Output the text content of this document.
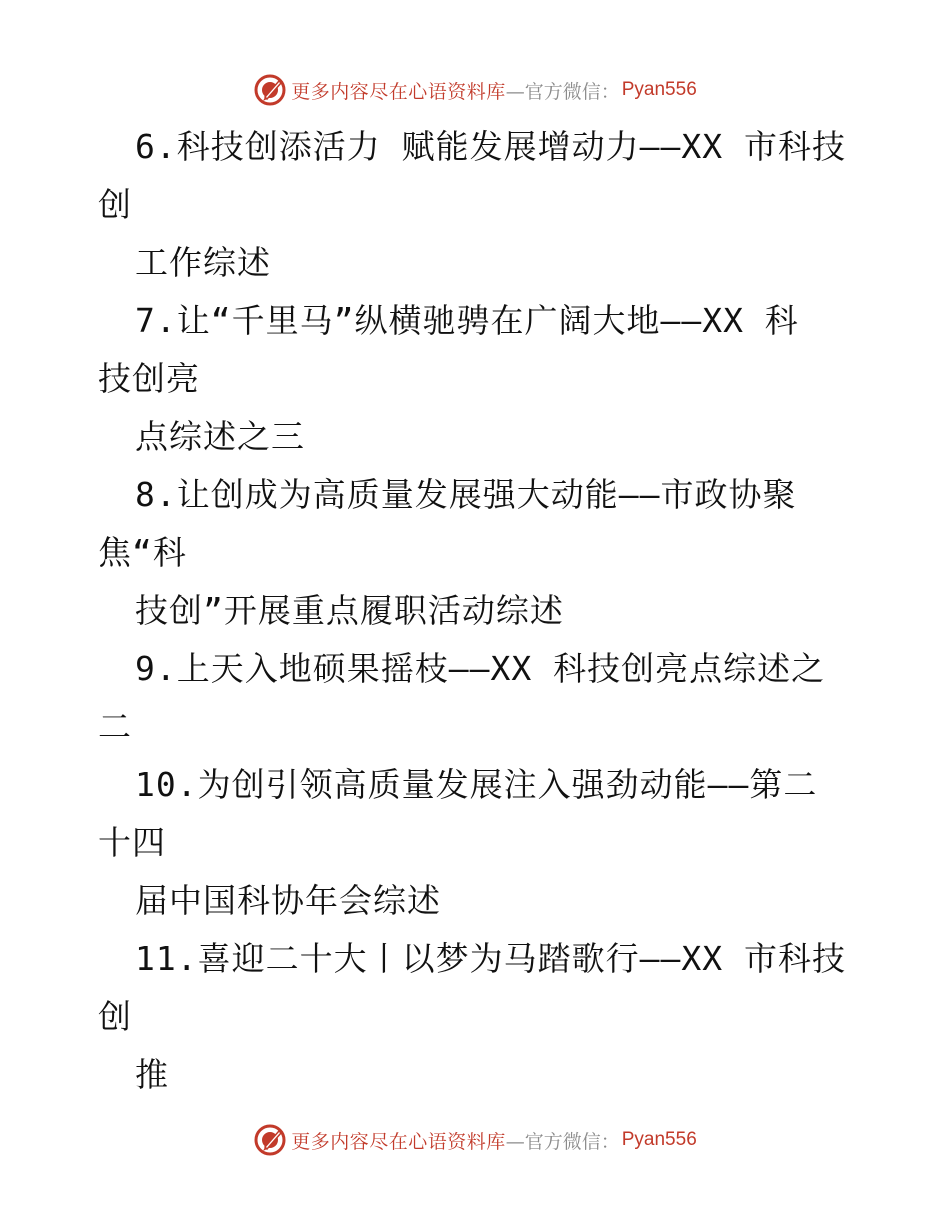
更多内容尽在心语资料库 —官方微信： Pyan556
6.科技创添活力 赋能发展增动力——XX 市科技
创
工作综述
7.让“千里马”纵横驰骋在广阔大地——XX 科
技创亮
点综述之三
8.让创成为高质量发展强大动能——市政协聚
焦“科
技创”开展重点履职活动综述
9.上天入地硕果摇枝——XX 科技创亮点综述之
二
10.为创引领高质量发展注入强劲动能——第二
十四
届中国科协年会综述
11.喜迎二十大丨以梦为马踏歌行——XX 市科技
创
推
更多内容尽在心语资料库 —官方微信： Pyan556
